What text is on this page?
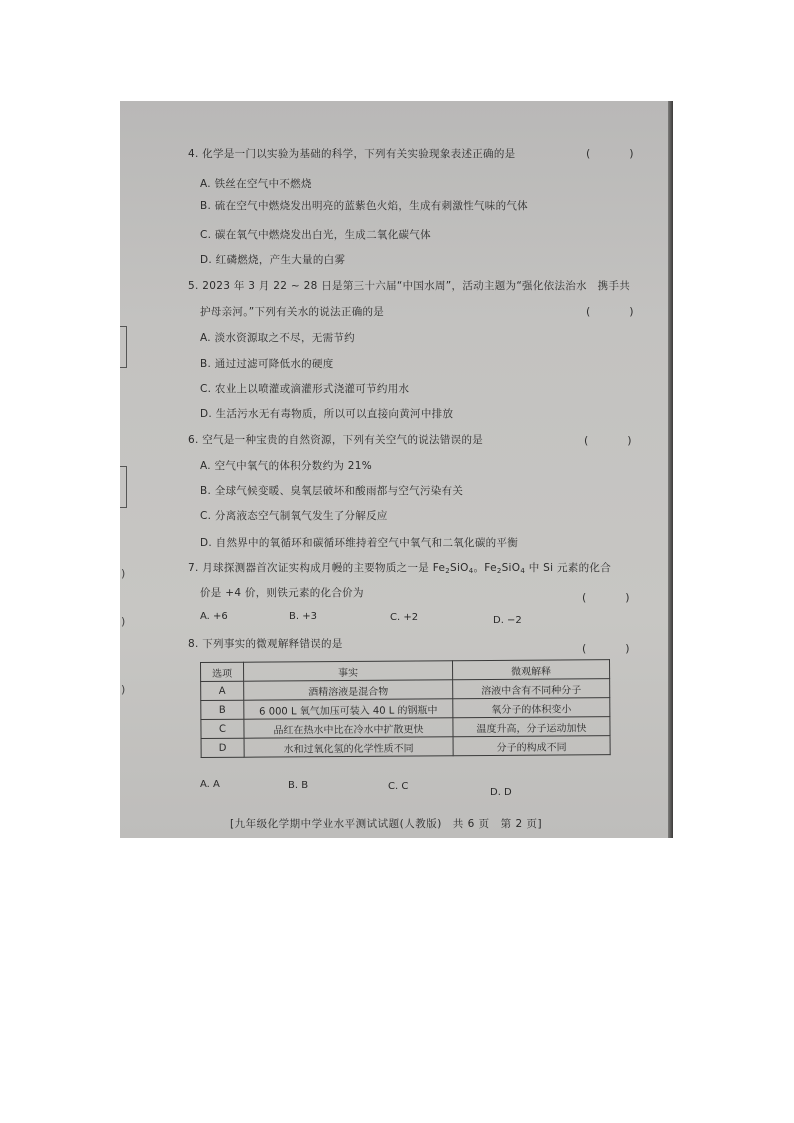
)
)
)
4. 化学是一门以实验为基础的科学，下列有关实验现象表述正确的是	(　)
A. 铁丝在空气中不燃烧
B. 硫在空气中燃烧发出明亮的蓝紫色火焰，生成有刺激性气味的气体
C. 碳在氧气中燃烧发出白光，生成二氧化碳气体
D. 红磷燃烧，产生大量的白雾
5. 2023 年 3 月 22 ~ 28 日是第三十六届“中国水周”，活动主题为“强化依法治水　携手共
护母亲河。”下列有关水的说法正确的是	(　)
A. 淡水资源取之不尽，无需节约
B. 通过过滤可降低水的硬度
C. 农业上以喷灌或滴灌形式浇灌可节约用水
D. 生活污水无有毒物质，所以可以直接向黄河中排放
6. 空气是一种宝贵的自然资源，下列有关空气的说法错误的是	(　)
A. 空气中氧气的体积分数约为 21%
B. 全球气候变暖、臭氧层破坏和酸雨都与空气污染有关
C. 分离液态空气制氧气发生了分解反应
D. 自然界中的氧循环和碳循环维持着空气中氧气和二氧化碳的平衡
7. 月球探测器首次证实构成月幔的主要物质之一是 $Fe_2SiO_4$。$Fe_2SiO_4$ 中 Si 元素的化合
价是 +4 价，则铁元素的化合价为	(　)
A. +6	B. +3	C. +2	D. −2
8. 下列事实的微观解释错误的是	(　)
选项	事实	微观解释
A	酒精溶液是混合物	溶液中含有不同种分子
B	6 000 L 氧气加压可装入 40 L 的钢瓶中	氧分子的体积变小
C	品红在热水中比在冷水中扩散更快	温度升高，分子运动加快
D	水和过氧化氢的化学性质不同	分子的构成不同
A. A	B. B	C. C
D. D
[九年级化学期中学业水平测试试题(人教版)　共 6 页　第 2 页]
